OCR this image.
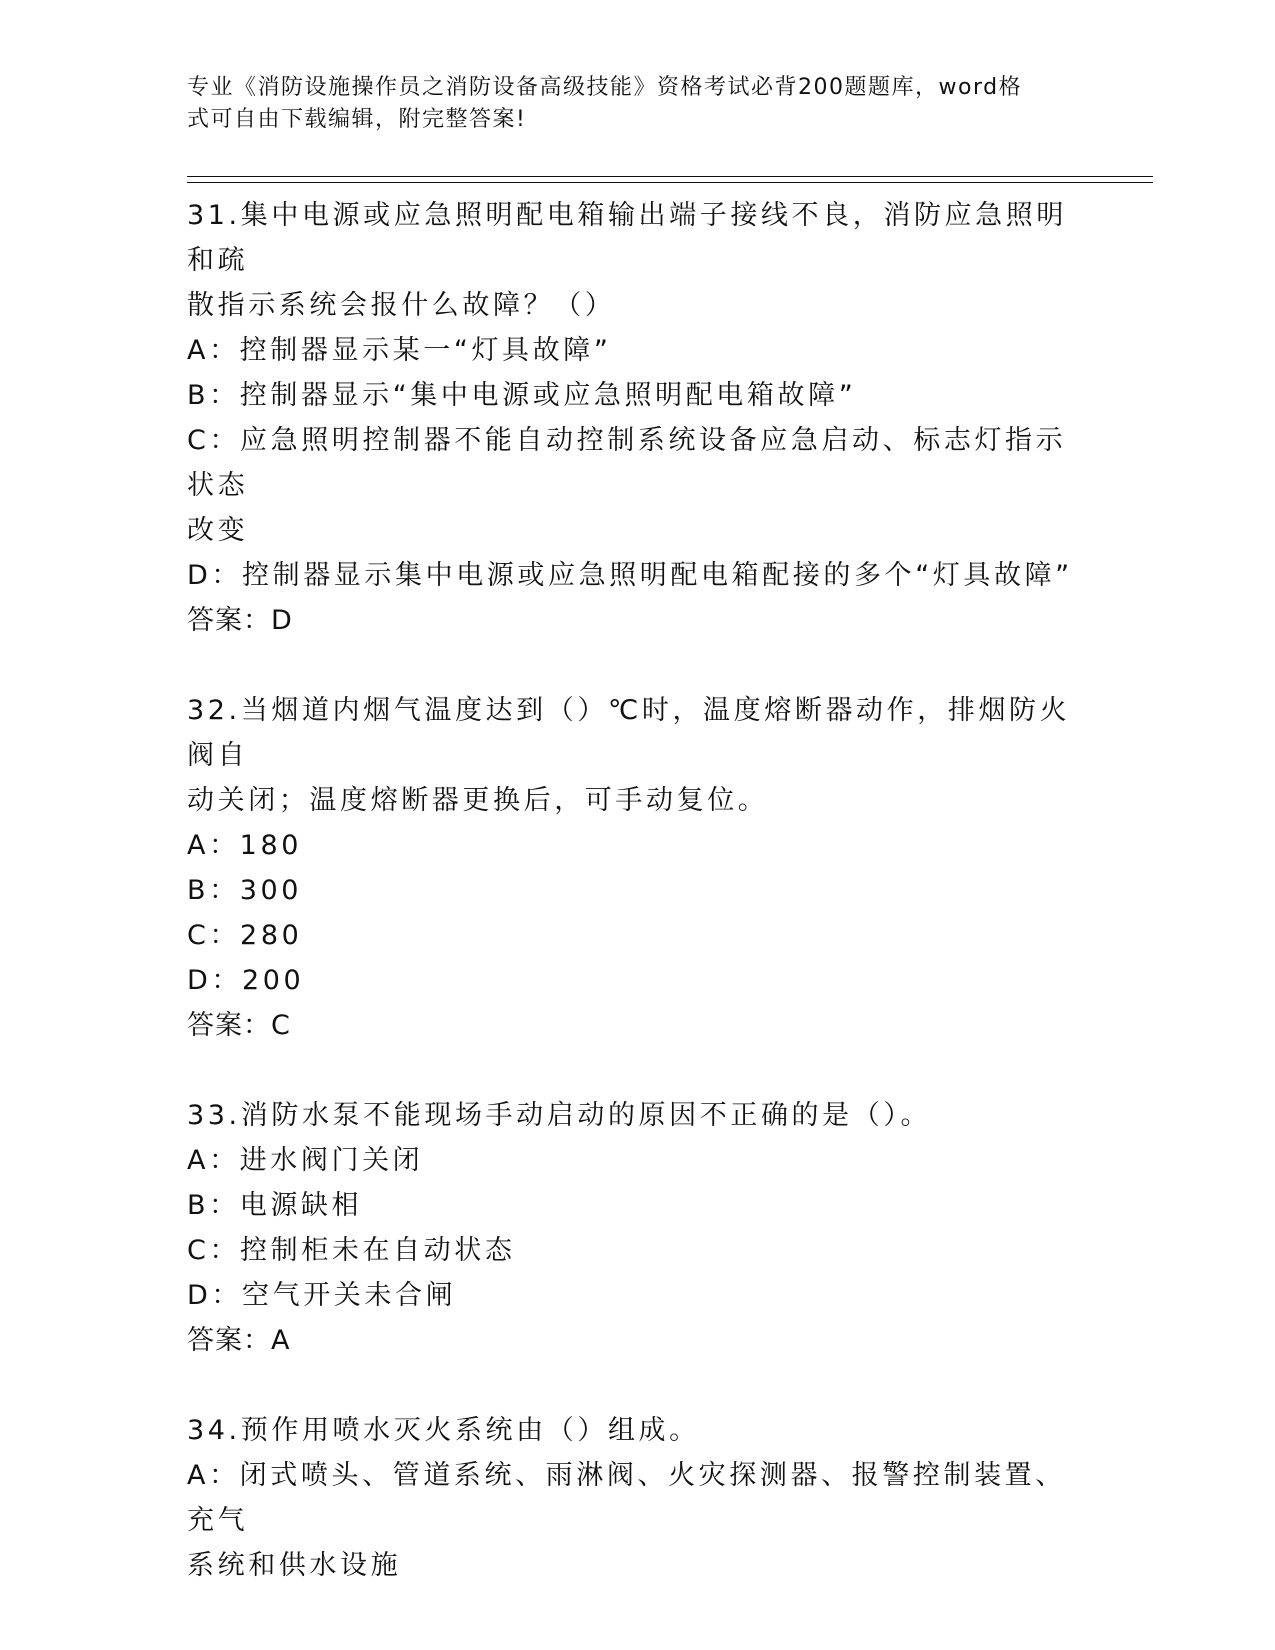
专业《消防设施操作员之消防设备高级技能》资格考试必背200题题库，word格
式可自由下载编辑，附完整答案!
31.集中电源或应急照明配电箱输出端子接线不良，消防应急照明和疏
散指示系统会报什么故障？（）
A：控制器显示某一“灯具故障”
B：控制器显示“集中电源或应急照明配电箱故障”
C：应急照明控制器不能自动控制系统设备应急启动、标志灯指示状态
改变
D：控制器显示集中电源或应急照明配电箱配接的多个“灯具故障”
答案：D
32.当烟道内烟气温度达到（）℃时，温度熔断器动作，排烟防火阀自
动关闭；温度熔断器更换后，可手动复位。
A：180
B：300
C：280
D：200
答案：C
33.消防水泵不能现场手动启动的原因不正确的是（）。
A：进水阀门关闭
B：电源缺相
C：控制柜未在自动状态
D：空气开关未合闸
答案：A
34.预作用喷水灭火系统由（）组成。
A：闭式喷头、管道系统、雨淋阀、火灾探测器、报警控制装置、充气
系统和供水设施
